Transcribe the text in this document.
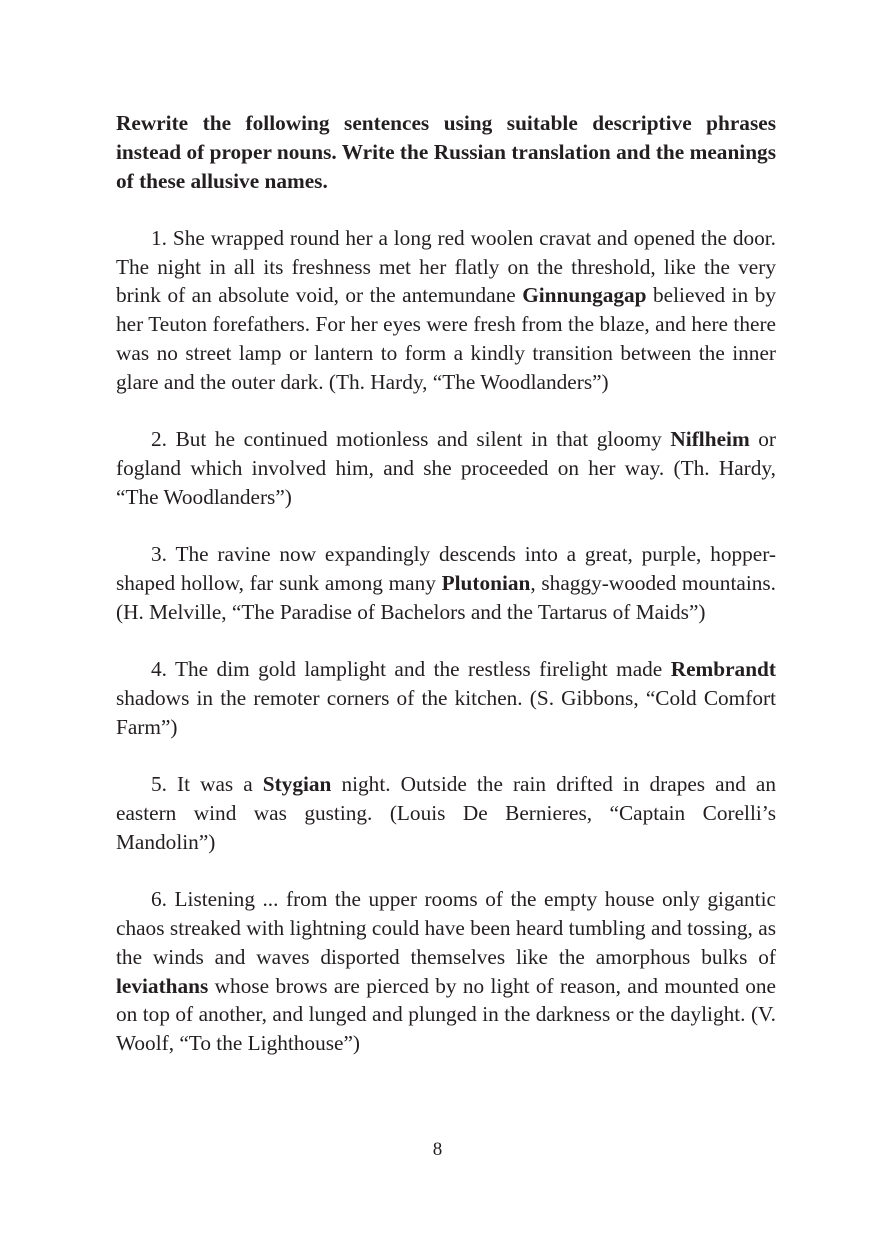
Rewrite the following sentences using suitable descriptive phrases instead of proper nouns. Write the Russian translation and the meanings of these allusive names.

1. She wrapped round her a long red woolen cravat and opened the door. The night in all its freshness met her flatly on the threshold, like the very brink of an absolute void, or the antemundane Ginnungagap believed in by her Teuton forefathers. For her eyes were fresh from the blaze, and here there was no street lamp or lantern to form a kindly transition between the inner glare and the outer dark. (Th. Hardy, “The Woodlanders”)

2. But he continued motionless and silent in that gloomy Niflheim or fogland which involved him, and she proceeded on her way. (Th. Hardy, “The Woodlanders”)

3. The ravine now expandingly descends into a great, purple, hopper-shaped hollow, far sunk among many Plutonian, shaggy-wooded mountains. (H. Melville, “The Paradise of Bachelors and the Tartarus of Maids”)

4. The dim gold lamplight and the restless firelight made Rembrandt shadows in the remoter corners of the kitchen. (S. Gibbons, “Cold Comfort Farm”)

5. It was a Stygian night. Outside the rain drifted in drapes and an eastern wind was gusting. (Louis De Bernieres, “Captain Corelli’s Mandolin”)

6. Listening ... from the upper rooms of the empty house only gigantic chaos streaked with lightning could have been heard tumbling and tossing, as the winds and waves disported themselves like the amorphous bulks of leviathans whose brows are pierced by no light of reason, and mounted one on top of another, and lunged and plunged in the darkness or the daylight. (V. Woolf, “To the Lighthouse”)

8
